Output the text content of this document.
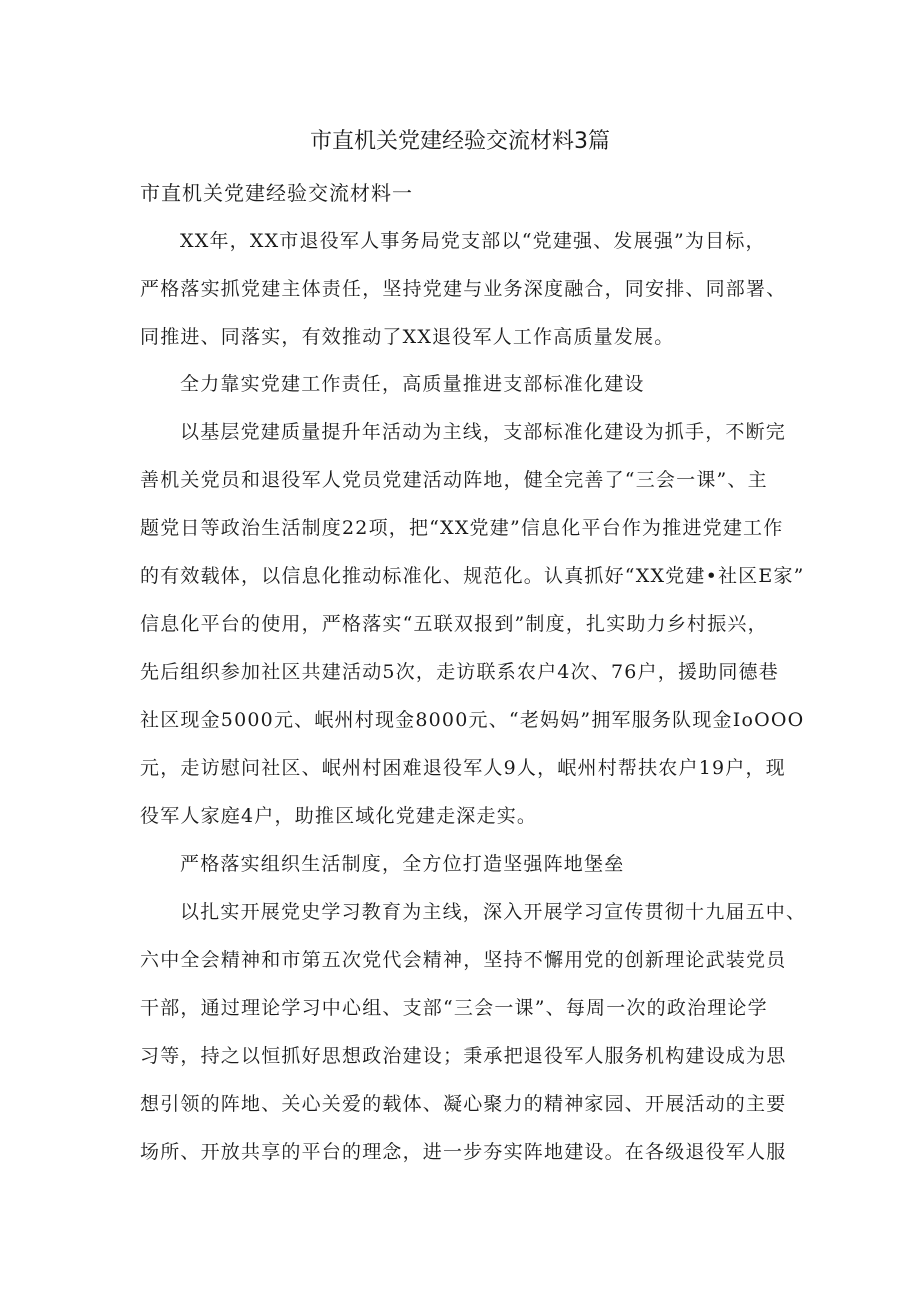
市直机关党建经验交流材料3篇
市直机关党建经验交流材料一
XX年，XX市退役军人事务局党支部以“党建强、发展强”为目标，
严格落实抓党建主体责任，坚持党建与业务深度融合，同安排、同部署、
同推进、同落实，有效推动了XX退役军人工作高质量发展。
全力靠实党建工作责任，高质量推进支部标准化建设
以基层党建质量提升年活动为主线，支部标准化建设为抓手，不断完
善机关党员和退役军人党员党建活动阵地，健全完善了“三会一课”、主
题党日等政治生活制度22项，把“XX党建”信息化平台作为推进党建工作
的有效载体，以信息化推动标准化、规范化。认真抓好“XX党建•社区E家”
信息化平台的使用，严格落实“五联双报到”制度，扎实助力乡村振兴，
先后组织参加社区共建活动5次，走访联系农户4次、76户，援助同德巷
社区现金5000元、岷州村现金8000元、“老妈妈”拥军服务队现金IoOOO
元，走访慰问社区、岷州村困难退役军人9人，岷州村帮扶农户19户，现
役军人家庭4户，助推区域化党建走深走实。
严格落实组织生活制度，全方位打造坚强阵地堡垒
以扎实开展党史学习教育为主线，深入开展学习宣传贯彻十九届五中、
六中全会精神和市第五次党代会精神，坚持不懈用党的创新理论武装党员
干部，通过理论学习中心组、支部“三会一课”、每周一次的政治理论学
习等，持之以恒抓好思想政治建设；秉承把退役军人服务机构建设成为思
想引领的阵地、关心关爱的载体、凝心聚力的精神家园、开展活动的主要
场所、开放共享的平台的理念，进一步夯实阵地建设。在各级退役军人服
